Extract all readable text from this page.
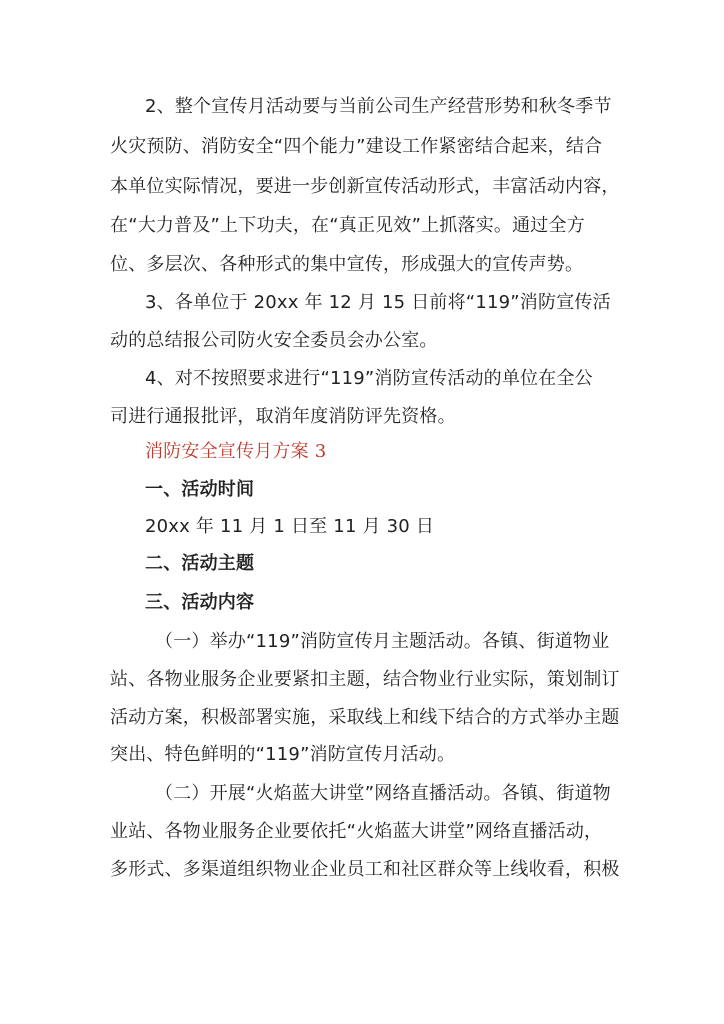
2、整个宣传月活动要与当前公司生产经营形势和秋冬季节
火灾预防、消防安全“四个能力”建设工作紧密结合起来，结合
本单位实际情况，要进一步创新宣传活动形式，丰富活动内容，
在“大力普及”上下功夫，在“真正见效”上抓落实。通过全方
位、多层次、各种形式的集中宣传，形成强大的宣传声势。
3、各单位于 20xx 年 12 月 15 日前将“119”消防宣传活
动的总结报公司防火安全委员会办公室。
4、对不按照要求进行“119”消防宣传活动的单位在全公
司进行通报批评，取消年度消防评先资格。
消防安全宣传月方案 3
一、活动时间
20xx 年 11 月 1 日至 11 月 30 日
二、活动主题
三、活动内容
（一）举办“119”消防宣传月主题活动。各镇、街道物业
站、各物业服务企业要紧扣主题，结合物业行业实际，策划制订
活动方案，积极部署实施，采取线上和线下结合的方式举办主题
突出、特色鲜明的“119”消防宣传月活动。
（二）开展“火焰蓝大讲堂”网络直播活动。各镇、街道物
业站、各物业服务企业要依托“火焰蓝大讲堂”网络直播活动，
多形式、多渠道组织物业企业员工和社区群众等上线收看，积极
